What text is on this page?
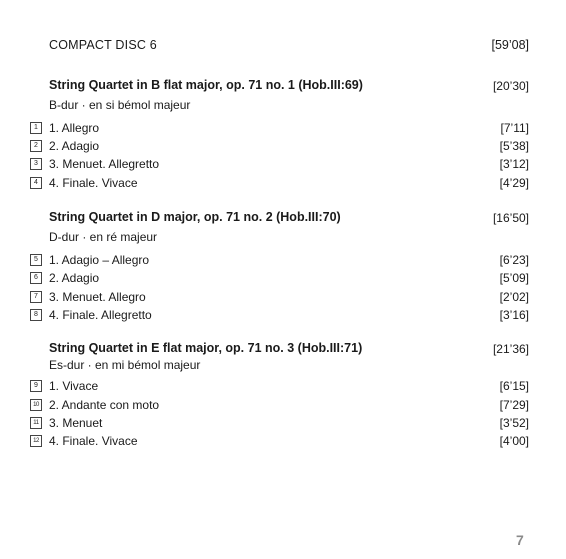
COMPACT DISC 6	[59’08]
String Quartet in B flat major, op. 71 no. 1 (Hob.III:69)	[20’30]
B-dur · en si bémol majeur
1 1. Allegro	[7’11]
2 2. Adagio	[5’38]
3 3. Menuet. Allegretto	[3’12]
4 4. Finale. Vivace	[4’29]
String Quartet in D major, op. 71 no. 2 (Hob.III:70)	[16’50]
D-dur · en ré majeur
5 1. Adagio – Allegro	[6’23]
6 2. Adagio	[5’09]
7 3. Menuet. Allegro	[2’02]
8 4. Finale. Allegretto	[3’16]
String Quartet in E flat major, op. 71 no. 3 (Hob.III:71)	[21’36]
Es-dur · en mi bémol majeur
9 1. Vivace	[6’15]
10 2. Andante con moto	[7’29]
11 3. Menuet	[3’52]
12 4. Finale. Vivace	[4’00]
7
